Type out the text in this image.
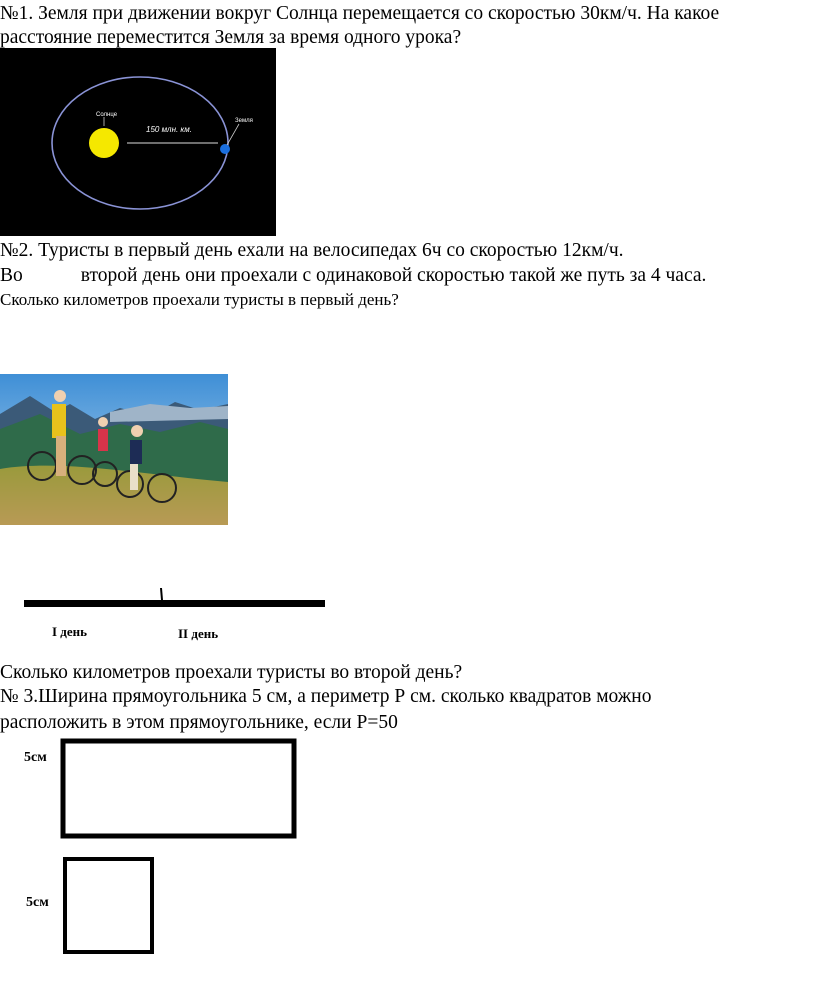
№1. Земля при движении вокруг Солнца перемещается со скоростью 30км/ч. На какое
расстояние переместится Земля за время одного урока?
Солнце
150 млн. км.
Земля
№2. Туристы в первый день ехали на велосипедах 6ч со скоростью 12км/ч.
Во	второй день они проехали с одинаковой скоростью такой же путь за 4 часа.
Сколько километров проехали туристы в первый день?
I день	II день
Сколько километров проехали туристы во второй день?
№ 3.Ширина прямоугольника 5 см, а периметр Р см. сколько квадратов можно
расположить в этом прямоугольнике, если Р=50
5см
5см
